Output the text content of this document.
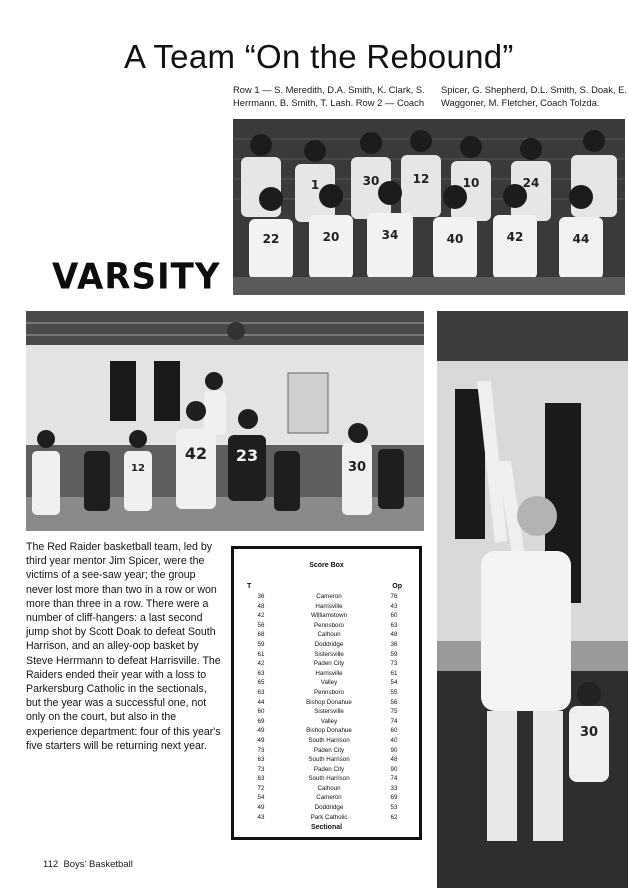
A Team “On the Rebound”

Row 1 — S. Meredith, D.A. Smith, K. Clark, S. Herrmann, B. Smith, T. Lash. Row 2 — Coach

Spicer, G. Shepherd, D.L. Smith, S. Doak, E. Waggoner, M. Fletcher, Coach Tolzda.

1	30	12	10	24
22	20	34	40	42	44
VARSITY
42 23
30
12
30

The Red Raider basketball team, led by third year mentor Jim Spicer, were the victims of a see-saw year; the group never lost more than two in a row or won more than three in a row. There were a number of cliff-hangers: a last second jump shot by Scott Doak to defeat South Harrison, and an alley-oop basket by Steve Herrmann to defeat Harrisville. The Raiders ended their year with a loss to Parkersburg Catholic in the sectionals, but the year was a successful one, not only on the court, but also in the experience department: four of this year's five starters will be returning next year.

Score Box
T	Op
36	Cameron	76
48	Harrisville	43
42	Williamstown	60
56	Pennsboro	63
68	Calhoun	48
59	Doddridge	36
61	Sistersville	59
42	Paden City	73
63	Harrisville	61
65	Valley	54
63	Pennsboro	55
44	Bishop Donahue	56
60	Sistersville	75
69	Valley	74
49	Bishop Donahue	60
49	South Harrison	40
73	Paden City	90
63	South Harrison	48
73	Paden City	90
63	South Harrison	74
72	Calhoun	33
54	Cameron	69
49	Doddridge	53
43	Park Catholic	62
Sectional
112 Boys' Basketball
